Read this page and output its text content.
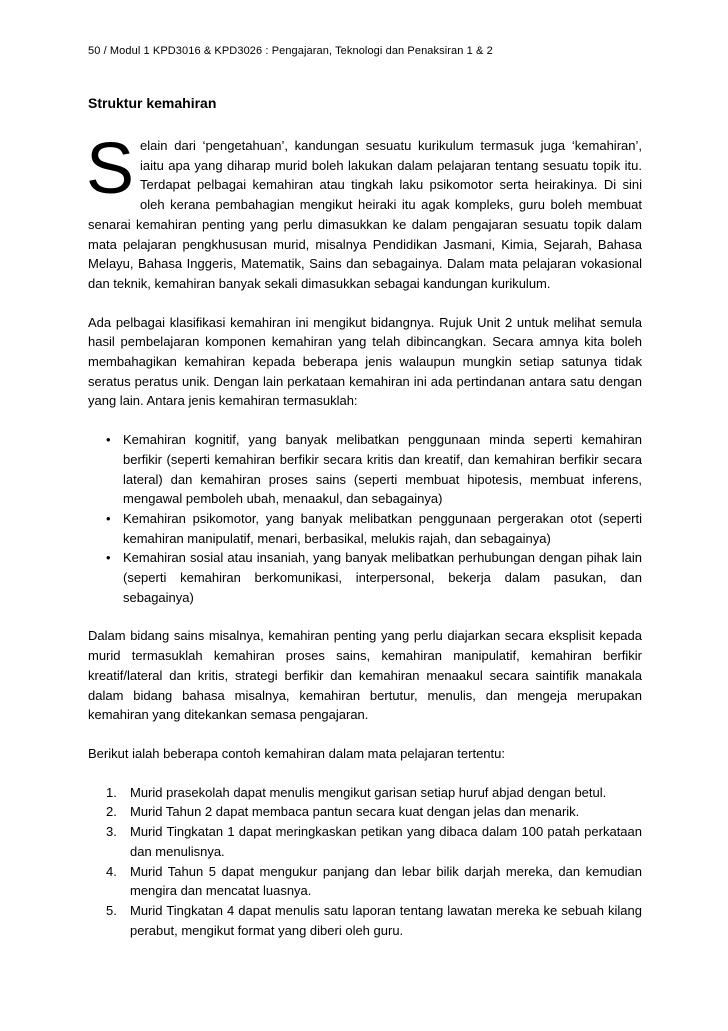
50 / Modul 1 KPD3016 & KPD3026 : Pengajaran, Teknologi dan Penaksiran 1 & 2
Struktur kemahiran

Selain dari ‘pengetahuan’, kandungan sesuatu kurikulum termasuk juga ‘kemahiran’, iaitu apa yang diharap murid boleh lakukan dalam pelajaran tentang sesuatu topik itu. Terdapat pelbagai kemahiran atau tingkah laku psikomotor serta heirakinya. Di sini oleh kerana pembahagian mengikut heiraki itu agak kompleks, guru boleh membuat senarai kemahiran penting yang perlu dimasukkan ke dalam pengajaran sesuatu topik dalam mata pelajaran pengkhususan murid, misalnya Pendidikan Jasmani, Kimia, Sejarah, Bahasa Melayu, Bahasa Inggeris, Matematik, Sains dan sebagainya. Dalam mata pelajaran vokasional dan teknik, kemahiran banyak sekali dimasukkan sebagai kandungan kurikulum.

Ada pelbagai klasifikasi kemahiran ini mengikut bidangnya. Rujuk Unit 2 untuk melihat semula hasil pembelajaran komponen kemahiran yang telah dibincangkan. Secara amnya kita boleh membahagikan kemahiran kepada beberapa jenis walaupun mungkin setiap satunya tidak seratus peratus unik. Dengan lain perkataan kemahiran ini ada pertindanan antara satu dengan yang lain. Antara jenis kemahiran termasuklah:

• Kemahiran kognitif, yang banyak melibatkan penggunaan minda seperti kemahiran berfikir (seperti kemahiran berfikir secara kritis dan kreatif, dan kemahiran berfikir secara lateral) dan kemahiran proses sains (seperti membuat hipotesis, membuat inferens, mengawal pemboleh ubah, menaakul, dan sebagainya)
• Kemahiran psikomotor, yang banyak melibatkan penggunaan pergerakan otot (seperti kemahiran manipulatif, menari, berbasikal, melukis rajah, dan sebagainya)
• Kemahiran sosial atau insaniah, yang banyak melibatkan perhubungan dengan pihak lain (seperti kemahiran berkomunikasi, interpersonal, bekerja dalam pasukan, dan sebagainya)

Dalam bidang sains misalnya, kemahiran penting yang perlu diajarkan secara eksplisit kepada murid termasuklah kemahiran proses sains, kemahiran manipulatif, kemahiran berfikir kreatif/lateral dan kritis, strategi berfikir dan kemahiran menaakul secara saintifik manakala dalam bidang bahasa misalnya, kemahiran bertutur, menulis, dan mengeja merupakan kemahiran yang ditekankan semasa pengajaran.

Berikut ialah beberapa contoh kemahiran dalam mata pelajaran tertentu:

1. Murid prasekolah dapat menulis mengikut garisan setiap huruf abjad dengan betul.
2. Murid Tahun 2 dapat membaca pantun secara kuat dengan jelas dan menarik.
3. Murid Tingkatan 1 dapat meringkaskan petikan yang dibaca dalam 100 patah perkataan dan menulisnya.
4. Murid Tahun 5 dapat mengukur panjang dan lebar bilik darjah mereka, dan kemudian mengira dan mencatat luasnya.
5. Murid Tingkatan 4 dapat menulis satu laporan tentang lawatan mereka ke sebuah kilang perabut, mengikut format yang diberi oleh guru.
